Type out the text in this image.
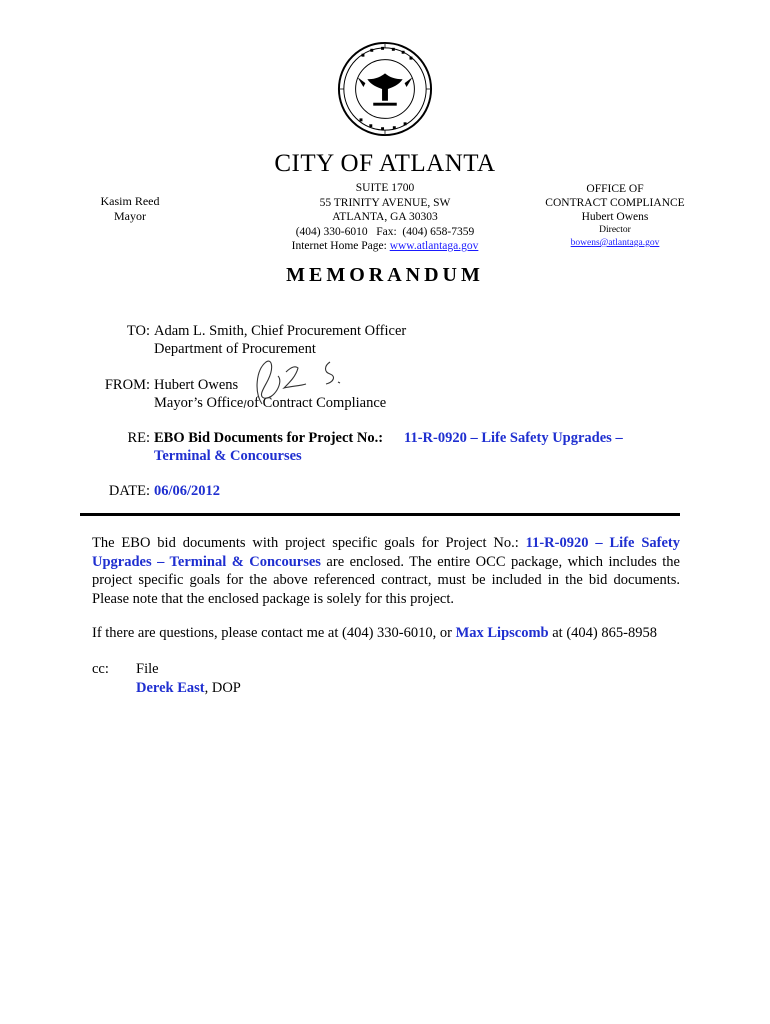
CITY OF ATLANTA
SUITE 1700
55 TRINITY AVENUE, SW
ATLANTA, GA 30303
(404) 330-6010   Fax:  (404) 658-7359
Internet Home Page: www.atlantaga.gov
Kasim Reed
Mayor
OFFICE OF
CONTRACT COMPLIANCE
Hubert Owens
Director
bowens@atlantaga.gov
MEMORANDUM
TO: Adam L. Smith, Chief Procurement Officer
Department of Procurement
FROM: Hubert Owens
Mayor’s Office of Contract Compliance
RE: EBO Bid Documents for Project No.: 11-R-0920 – Life Safety Upgrades –
Terminal & Concourses
DATE: 06/06/2012
The EBO bid documents with project specific goals for Project No.: 11-R-0920 – Life Safety Upgrades – Terminal & Concourses are enclosed. The entire OCC package, which includes the project specific goals for the above referenced contract, must be included in the bid documents. Please note that the enclosed package is solely for this project.
If there are questions, please contact me at (404) 330-6010, or Max Lipscomb at (404) 865-8958
cc: File
Derek East, DOP
